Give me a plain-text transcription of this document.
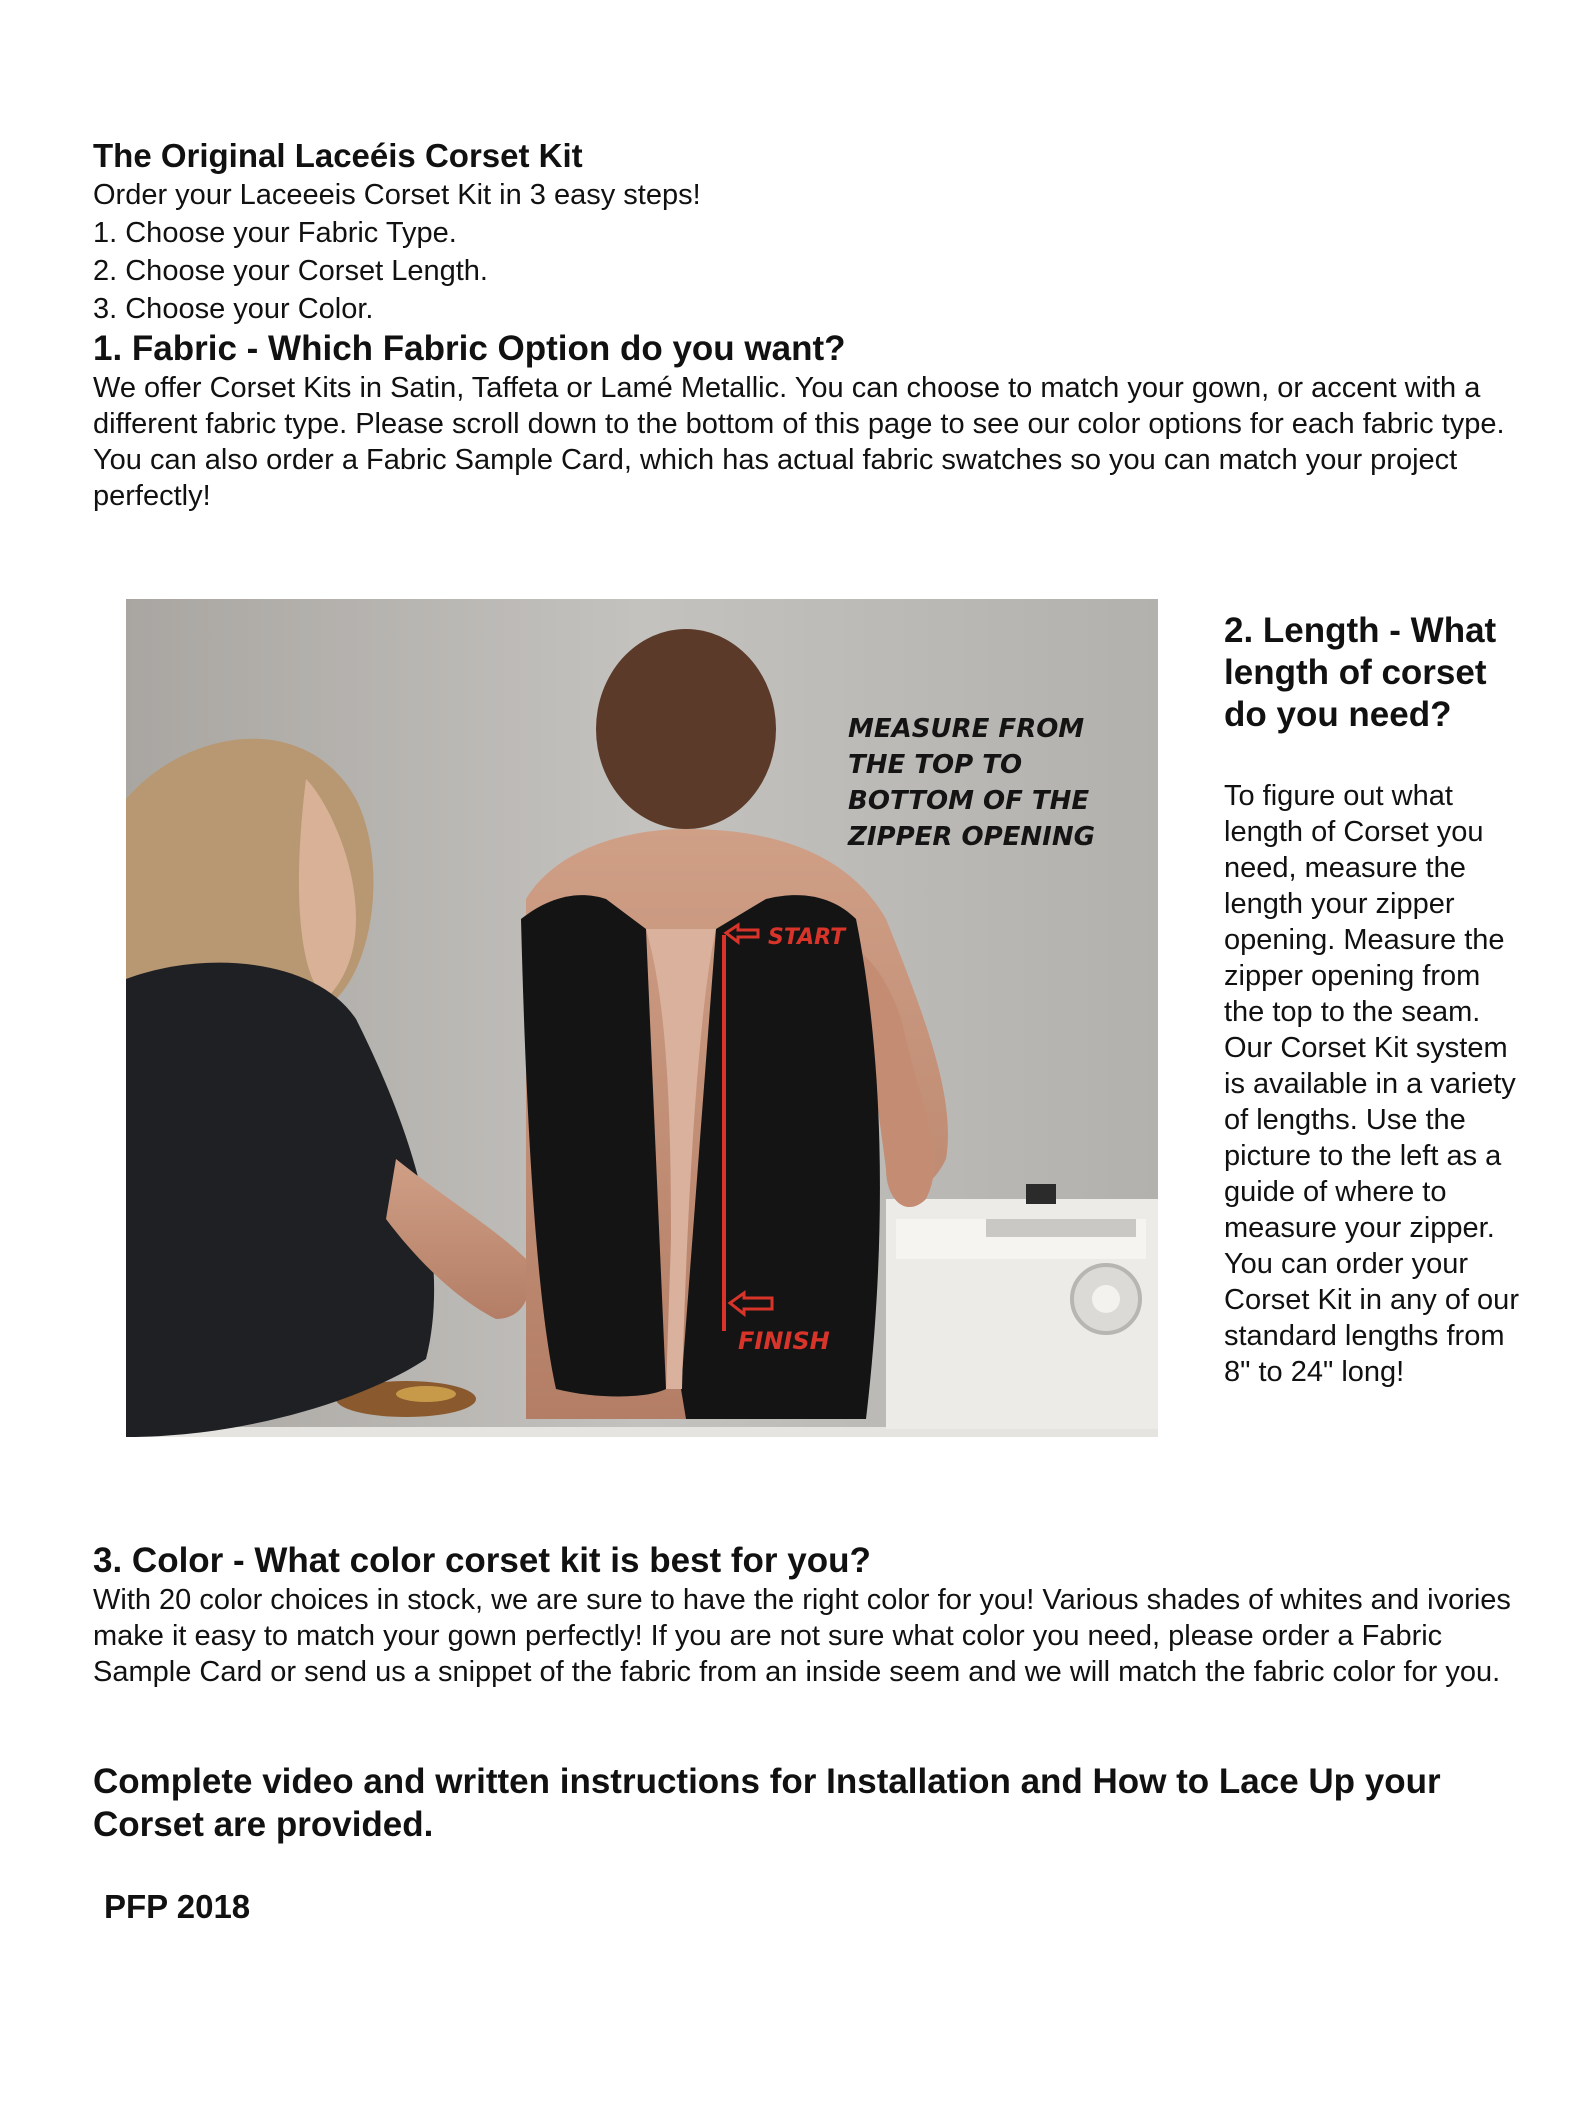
The Original Laceéis Corset Kit

Order your Laceeeis Corset Kit in 3 easy steps!

1. Choose your Fabric Type.

2. Choose your Corset Length.

3. Choose your Color.

1. Fabric - Which Fabric Option do you want?

We offer Corset Kits in Satin, Taffeta or Lamé Metallic. You can choose to match your gown, or accent with a different fabric type. Please scroll down to the bottom of this page to see our color options for each fabric type. You can also order a Fabric Sample Card, which has actual fabric swatches so you can match your project perfectly!

START
FINISH
MEASURE FROM
THE TOP TO
BOTTOM OF THE
ZIPPER OPENING
2. Length - What length of corset do you need?

To figure out what length of Corset you need, measure the length your zipper opening. Measure the zipper opening from the top to the seam. Our Corset Kit system is available in a variety of lengths. Use the picture to the left as a guide of where to measure your zipper. You can order your Corset Kit in any of our standard lengths from 8" to 24" long!

3. Color - What color corset kit is best for you?

With 20 color choices in stock, we are sure to have the right color for you! Various shades of whites and ivories make it easy to match your gown perfectly! If you are not sure what color you need, please order a Fabric Sample Card or send us a snippet of the fabric from an inside seem and we will match the fabric color for you.

Complete video and written instructions for Installation and How to Lace Up your Corset are provided.

PFP 2018
